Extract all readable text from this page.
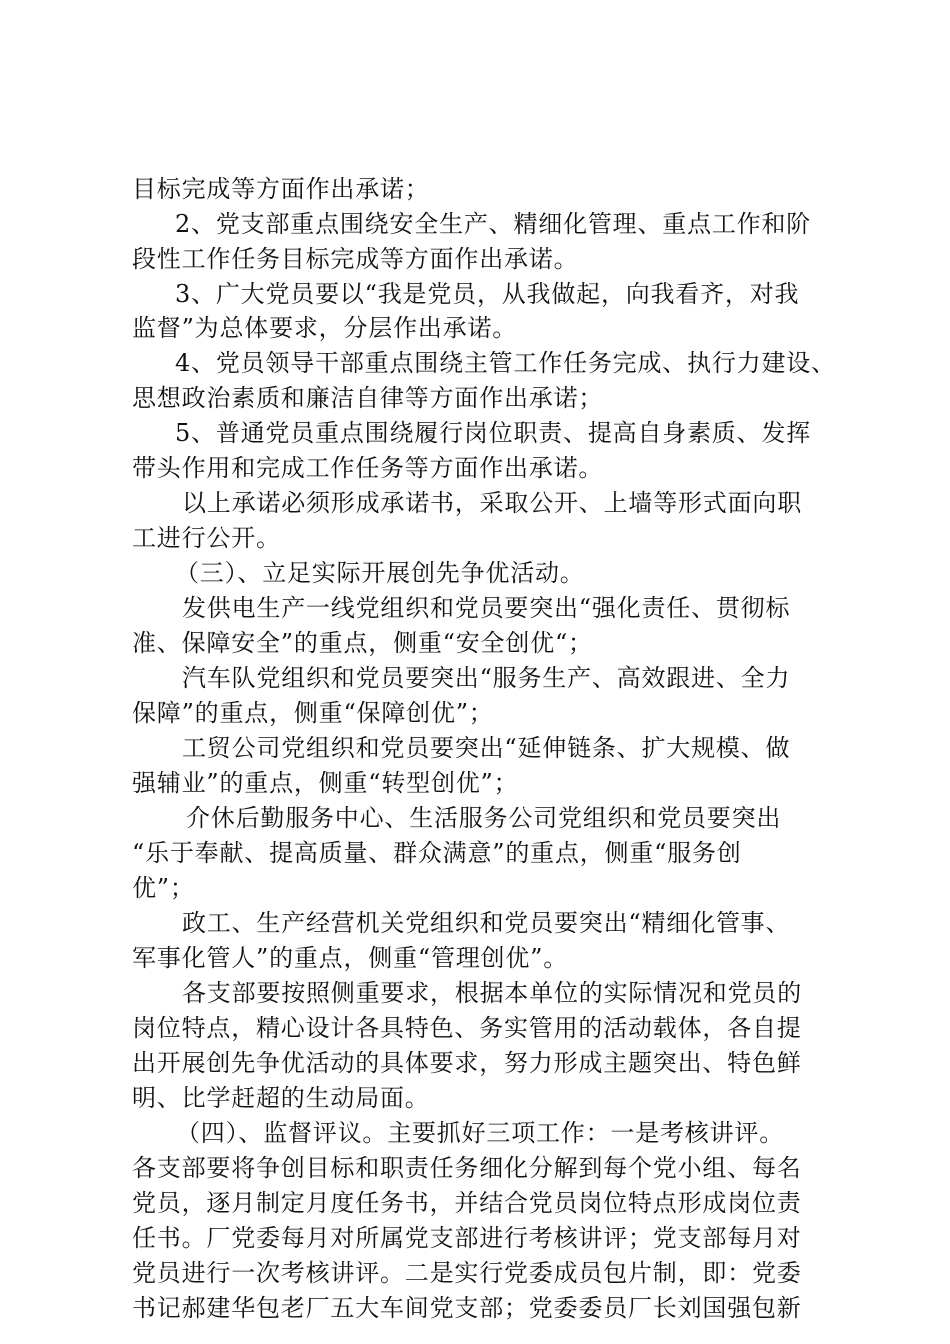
目标完成等方面作出承诺；
2、党支部重点围绕安全生产、精细化管理、重点工作和阶
段性工作任务目标完成等方面作出承诺。
3、广大党员要以“我是党员，从我做起，向我看齐，对我
监督”为总体要求，分层作出承诺。
4、党员领导干部重点围绕主管工作任务完成、执行力建设、
思想政治素质和廉洁自律等方面作出承诺；
5、普通党员重点围绕履行岗位职责、提高自身素质、发挥
带头作用和完成工作任务等方面作出承诺。
以上承诺必须形成承诺书，采取公开、上墙等形式面向职
工进行公开。
（三）、立足实际开展创先争优活动。
发供电生产一线党组织和党员要突出“强化责任、贯彻标
准、保障安全”的重点，侧重“安全创优“；
汽车队党组织和党员要突出“服务生产、高效跟进、全力
保障”的重点，侧重“保障创优”；
工贸公司党组织和党员要突出“延伸链条、扩大规模、做
强辅业”的重点，侧重“转型创优”；
介休后勤服务中心、生活服务公司党组织和党员要突出
“乐于奉献、提高质量、群众满意”的重点，侧重“服务创
优”；
政工、生产经营机关党组织和党员要突出“精细化管事、
军事化管人”的重点，侧重“管理创优”。
各支部要按照侧重要求，根据本单位的实际情况和党员的
岗位特点，精心设计各具特色、务实管用的活动载体，各自提
出开展创先争优活动的具体要求，努力形成主题突出、特色鲜
明、比学赶超的生动局面。
（四）、监督评议。主要抓好三项工作：一是考核讲评。
各支部要将争创目标和职责任务细化分解到每个党小组、每名
党员，逐月制定月度任务书，并结合党员岗位特点形成岗位责
任书。厂党委每月对所属党支部进行考核讲评；党支部每月对
党员进行一次考核讲评。二是实行党委成员包片制，即：党委
书记郝建华包老厂五大车间党支部；党委委员厂长刘国强包新
